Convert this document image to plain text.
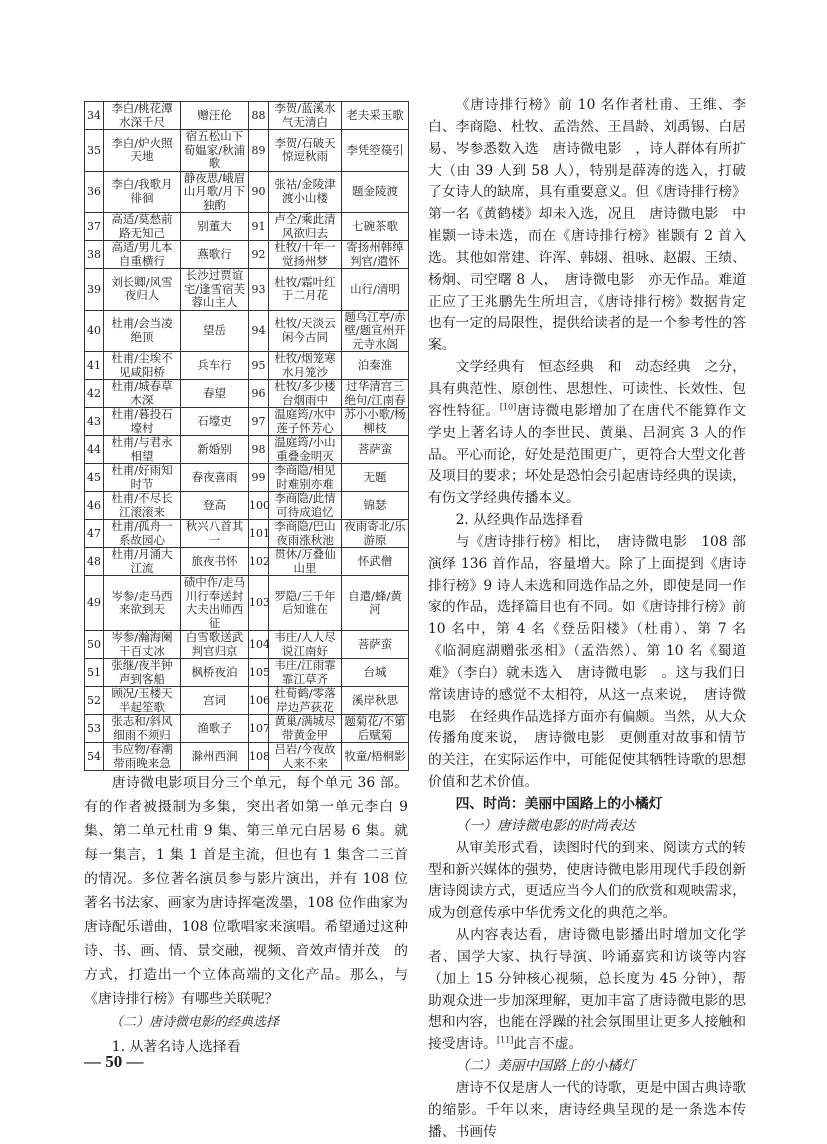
34	李白/桃花潭水深千尺	赠汪伦	88	李贺/蓝溪水气无清白	老夫采玉歌
35	李白/炉火照天地	宿五松山下荀媪家/秋浦歌	89	李贺/石破天惊逗秋雨	李凭箜篌引
36	李白/我歌月徘徊	静夜思/峨眉山月歌/月下独酌	90	张祜/金陵津渡小山楼	题金陵渡
37	高适/莫愁前路无知己	别董大	91	卢仝/乘此清风欲归去	七碗茶歌
38	高适/男儿本自重横行	燕歌行	92	杜牧/十年一觉扬州梦	寄扬州韩绰判官/遣怀
39	刘长卿/风雪夜归人	长沙过贾谊宅/逢雪宿芙蓉山主人	93	杜牧/霜叶红于二月花	山行/清明
40	杜甫/会当凌绝顶	望岳	94	杜牧/天淡云闲今古同	题乌江亭/赤壁/题宣州开元寺水阁
41	杜甫/尘埃不见咸阳桥	兵车行	95	杜牧/烟笼寒水月笼沙	泊秦淮
42	杜甫/城春草木深	春望	96	杜牧/多少楼台烟雨中	过华清宫三绝句/江南春
43	杜甫/暮投石壕村	石壕吏	97	温庭筠/水中莲子怀芳心	苏小小歌/杨柳枝
44	杜甫/与君永相望	新婚别	98	温庭筠/小山重叠金明灭	菩萨蛮
45	杜甫/好雨知时节	春夜喜雨	99	李商隐/相见时难别亦难	无题
46	杜甫/不尽长江滚滚来	登高	100	李商隐/此情可待成追忆	锦瑟
47	杜甫/孤舟一系故园心	秋兴八首其一	101	李商隐/巴山夜雨涨秋池	夜雨寄北/乐游原
48	杜甫/月涌大江流	旅夜书怀	102	贯休/万叠仙山里	怀武僧
49	岑参/走马西来欲到天	碛中作/走马川行奉送封大夫出师西征	103	罗隐/三千年后知谁在	自遣/蜂/黄河
50	岑参/瀚海阑干百丈冰	白雪歌送武判官归京	104	韦庄/人人尽说江南好	菩萨蛮
51	张继/夜半钟声到客船	枫桥夜泊	105	韦庄/江雨霏霏江草齐	台城
52	顾况/玉楼天半起笙歌	宫词	106	杜荀鹤/零落岸边芦荻花	溪岸秋思
53	张志和/斜风细雨不须归	渔歌子	107	黄巢/满城尽带黄金甲	题菊花/不第后赋菊
54	韦应物/春潮带雨晚来急	滁州西涧	108	吕岩/今夜故人来不来	牧童/梧桐影

唐诗微电影项目分三个单元，每个单元 36 部。有的作者被摄制为多集，突出者如第一单元李白 9 集、第二单元杜甫 9 集、第三单元白居易 6 集。就每一集言，1 集 1 首是主流，但也有 1 集含二三首的情况。多位著名演员参与影片演出，并有 108 位著名书法家、画家为唐诗挥毫泼墨，108 位作曲家为唐诗配乐谱曲，108 位歌唱家来演唱。希望通过这种　诗、书、画、情、景交融，视频、音效声情并茂　的方式，打造出一个立体高端的文化产品。那么，与《唐诗排行榜》有哪些关联呢？

（二）唐诗微电影的经典选择

1. 从著名诗人选择看

《唐诗排行榜》前 10 名作者杜甫、王维、李白、李商隐、杜牧、孟浩然、王昌龄、刘禹锡、白居易、岑参悉数入选　唐诗微电影　，诗人群体有所扩大（由 39 人到 58 人），特别是薛涛的选入，打破了女诗人的缺席，具有重要意义。但《唐诗排行榜》第一名《黄鹤楼》却未入选，况且　唐诗微电影　中崔颢一诗未选，而在《唐诗排行榜》崔颢有 2 首入选。其他如常建、许浑、韩翃、祖咏、赵嘏、王绩、杨炯、司空曙 8 人，　唐诗微电影　亦无作品。难道正应了王兆鹏先生所坦言，《唐诗排行榜》数据肯定也有一定的局限性，提供给读者的是一个参考性的答案。

文学经典有　恒态经典　和　动态经典　之分，具有典范性、原创性、思想性、可读性、长效性、包容性特征。[10]唐诗微电影增加了在唐代不能算作文学史上著名诗人的李世民、黄巢、吕洞宾 3 人的作品。平心而论，好处是范围更广，更符合大型文化普及项目的要求；坏处是恐怕会引起唐诗经典的误读，有伤文学经典传播本义。

2. 从经典作品选择看

与《唐诗排行榜》相比，　唐诗微电影　108 部演绎 136 首作品，容量增大。除了上面提到《唐诗排行榜》9 诗人未选和同选作品之外，即使是同一作家的作品，选择篇目也有不同。如《唐诗排行榜》前 10 名中，第 4 名《登岳阳楼》（杜甫）、第 7 名《临洞庭湖赠张丞相》（孟浩然）、第 10 名《蜀道难》（李白）就未选入　唐诗微电影　。这与我们日常读唐诗的感觉不太相符，从这一点来说，　唐诗微电影　在经典作品选择方面亦有偏颇。当然，从大众传播角度来说，　唐诗微电影　更侧重对故事和情节的关注，在实际运作中，可能促使其牺牲诗歌的思想价值和艺术价值。

四、时尚：美丽中国路上的小橘灯

（一）唐诗微电影的时尚表达

从审美形式看，读图时代的到来、阅读方式的转型和新兴媒体的强势，使唐诗微电影用现代手段创新唐诗阅读方式，更适应当今人们的欣赏和观映需求，成为创意传承中华优秀文化的典范之举。

从内容表达看，唐诗微电影播出时增加文化学者、国学大家、执行导演、吟诵嘉宾和访谈等内容（加上 15 分钟核心视频，总长度为 45 分钟），帮助观众进一步加深理解，更加丰富了唐诗微电影的思想和内容，也能在浮躁的社会氛围里让更多人接触和接受唐诗。[11]此言不虚。

（二）美丽中国路上的小橘灯

唐诗不仅是唐人一代的诗歌，更是中国古典诗歌的缩影。千年以来，唐诗经典呈现的是一条选本传播、书画传

— 50 —
